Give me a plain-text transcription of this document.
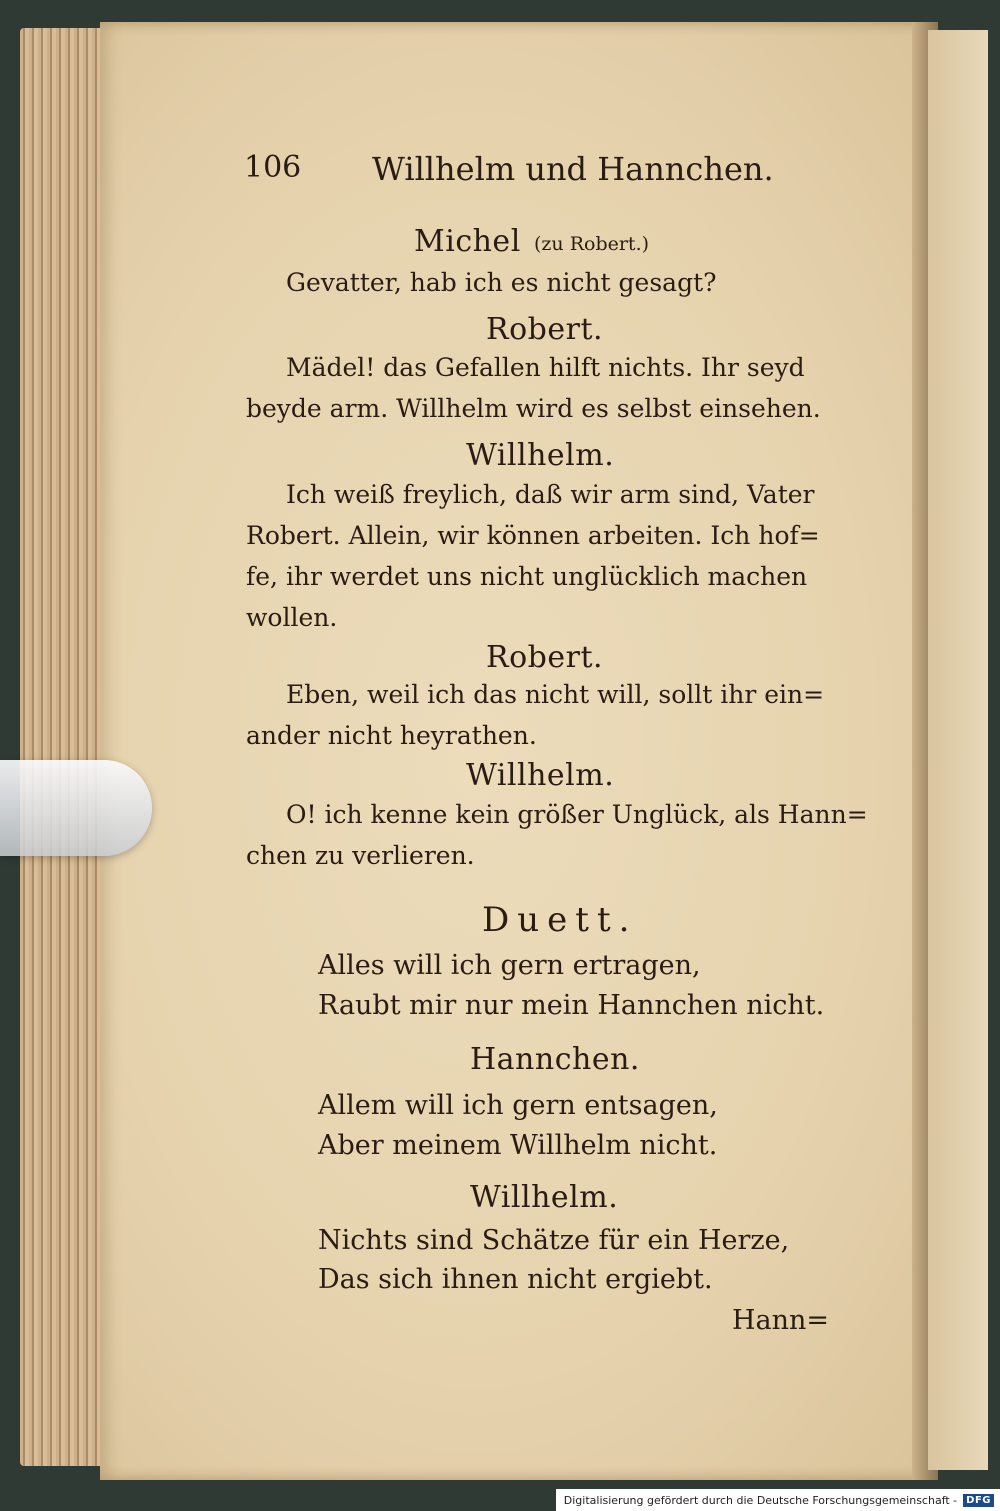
106 Willhelm und Hannchen.
Michel (zu Robert.)
Gevatter, hab ich es nicht gesagt?
Robert.
Mädel! das Gefallen hilft nichts. Ihr seyd
beyde arm. Willhelm wird es selbst einsehen.
Willhelm.
Ich weiß freylich, daß wir arm sind, Vater
Robert. Allein, wir können arbeiten. Ich hof=
fe, ihr werdet uns nicht unglücklich machen
wollen.
Robert.
Eben, weil ich das nicht will, sollt ihr ein=
ander nicht heyrathen.
Willhelm.
O! ich kenne kein größer Unglück, als Hann=
chen zu verlieren.
Duett.
Alles will ich gern ertragen,
Raubt mir nur mein Hannchen nicht.
Hannchen.
Allem will ich gern entsagen,
Aber meinem Willhelm nicht.
Willhelm.
Nichts sind Schätze für ein Herze,
Das sich ihnen nicht ergiebt.
Hann=
Digitalisierung gefördert durch die Deutsche Forschungsgemeinschaft - DFG
